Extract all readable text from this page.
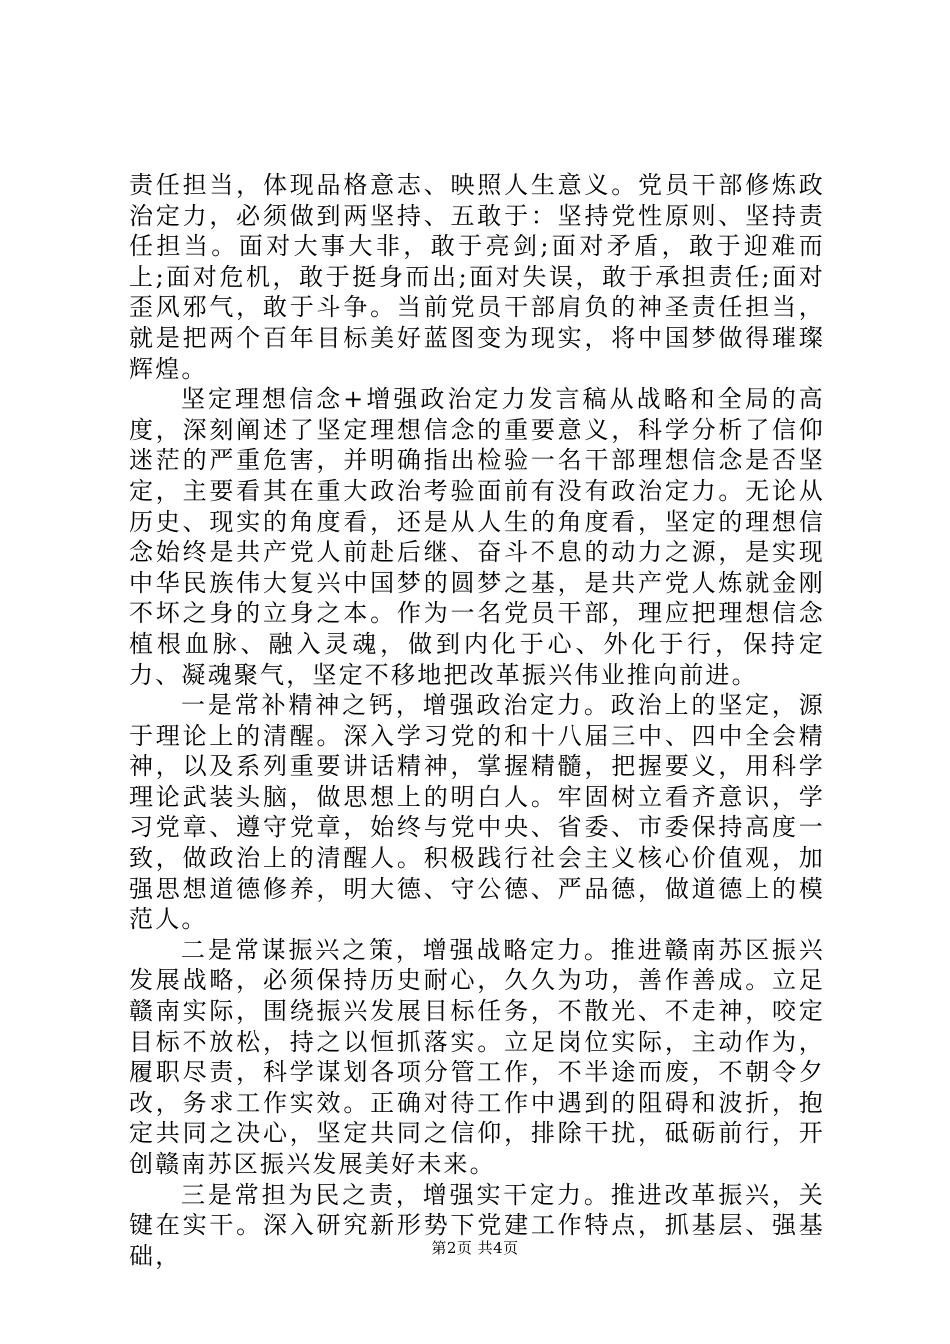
责任担当，体现品格意志、映照人生意义。党员干部修炼政治定力，必须做到两坚持、五敢于：坚持党性原则、坚持责任担当。面对大事大非，敢于亮剑;面对矛盾，敢于迎难而上;面对危机，敢于挺身而出;面对失误，敢于承担责任;面对歪风邪气，敢于斗争。当前党员干部肩负的神圣责任担当，就是把两个百年目标美好蓝图变为现实，将中国梦做得璀璨辉煌。

坚定理想信念+增强政治定力发言稿从战略和全局的高度，深刻阐述了坚定理想信念的重要意义，科学分析了信仰迷茫的严重危害，并明确指出检验一名干部理想信念是否坚定，主要看其在重大政治考验面前有没有政治定力。无论从历史、现实的角度看，还是从人生的角度看，坚定的理想信念始终是共产党人前赴后继、奋斗不息的动力之源，是实现中华民族伟大复兴中国梦的圆梦之基，是共产党人炼就金刚不坏之身的立身之本。作为一名党员干部，理应把理想信念植根血脉、融入灵魂，做到内化于心、外化于行，保持定力、凝魂聚气，坚定不移地把改革振兴伟业推向前进。

一是常补精神之钙，增强政治定力。政治上的坚定，源于理论上的清醒。深入学习党的和十八届三中、四中全会精神，以及系列重要讲话精神，掌握精髓，把握要义，用科学理论武装头脑，做思想上的明白人。牢固树立看齐意识，学习党章、遵守党章，始终与党中央、省委、市委保持高度一致，做政治上的清醒人。积极践行社会主义核心价值观，加强思想道德修养，明大德、守公德、严品德，做道德上的模范人。

二是常谋振兴之策，增强战略定力。推进赣南苏区振兴发展战略，必须保持历史耐心，久久为功，善作善成。立足赣南实际，围绕振兴发展目标任务，不散光、不走神，咬定目标不放松，持之以恒抓落实。立足岗位实际，主动作为，履职尽责，科学谋划各项分管工作，不半途而废，不朝令夕改，务求工作实效。正确对待工作中遇到的阻碍和波折，抱定共同之决心，坚定共同之信仰，排除干扰，砥砺前行，开创赣南苏区振兴发展美好未来。

三是常担为民之责，增强实干定力。推进改革振兴，关键在实干。深入研究新形势下党建工作特点，抓基层、强基础，	第2页 共4页
